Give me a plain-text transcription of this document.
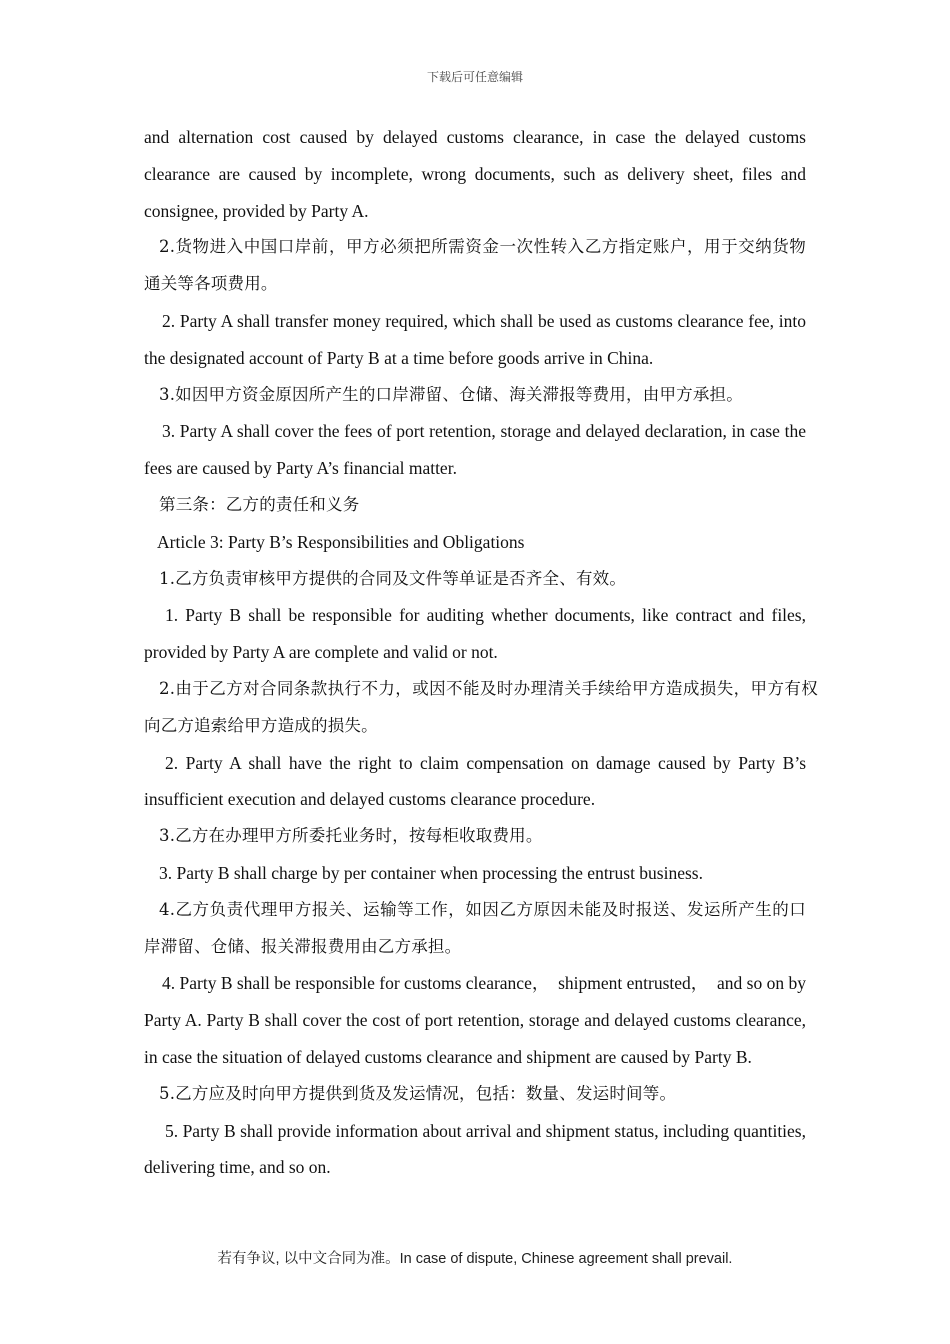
下载后可任意编辑

and alternation cost caused by delayed customs clearance, in case the delayed customs clearance are caused by incomplete, wrong documents, such as delivery sheet, files and consignee, provided by Party A.

2.货物进入中国口岸前，甲方必须把所需资金一次性转入乙方指定账户，用于交纳货物通关等各项费用。

2. Party A shall transfer money required, which shall be used as customs clearance fee, into the designated account of Party B at a time before goods arrive in China.

3.如因甲方资金原因所产生的口岸滞留、仓储、海关滞报等费用，由甲方承担。

3. Party A shall cover the fees of port retention, storage and delayed declaration, in case the fees are caused by Party A’s financial matter.

第三条：乙方的责任和义务

Article 3: Party B’s Responsibilities and Obligations

1.乙方负责审核甲方提供的合同及文件等单证是否齐全、有效。

1. Party B shall be responsible for auditing whether documents, like contract and files, provided by Party A are complete and valid or not.

2.由于乙方对合同条款执行不力，或因不能及时办理清关手续给甲方造成损失，甲方有权向乙方追索给甲方造成的损失。

2. Party A shall have the right to claim compensation on damage caused by Party B’s insufficient execution and delayed customs clearance procedure.

3.乙方在办理甲方所委托业务时，按每柜收取费用。

3. Party B shall charge by per container when processing the entrust business.

4.乙方负责代理甲方报关、运输等工作，如因乙方原因未能及时报送、发运所产生的口岸滞留、仓储、报关滞报费用由乙方承担。

4. Party B shall be responsible for customs clearance，　shipment entrusted，　and so on by Party A. Party B shall cover the cost of port retention, storage and delayed customs clearance, in case the situation of delayed customs clearance and shipment are caused by Party B.

5.乙方应及时向甲方提供到货及发运情况，包括：数量、发运时间等。

5. Party B shall provide information about arrival and shipment status, including quantities, delivering time, and so on.

若有争议, 以中文合同为准。In case of dispute, Chinese agreement shall prevail.
